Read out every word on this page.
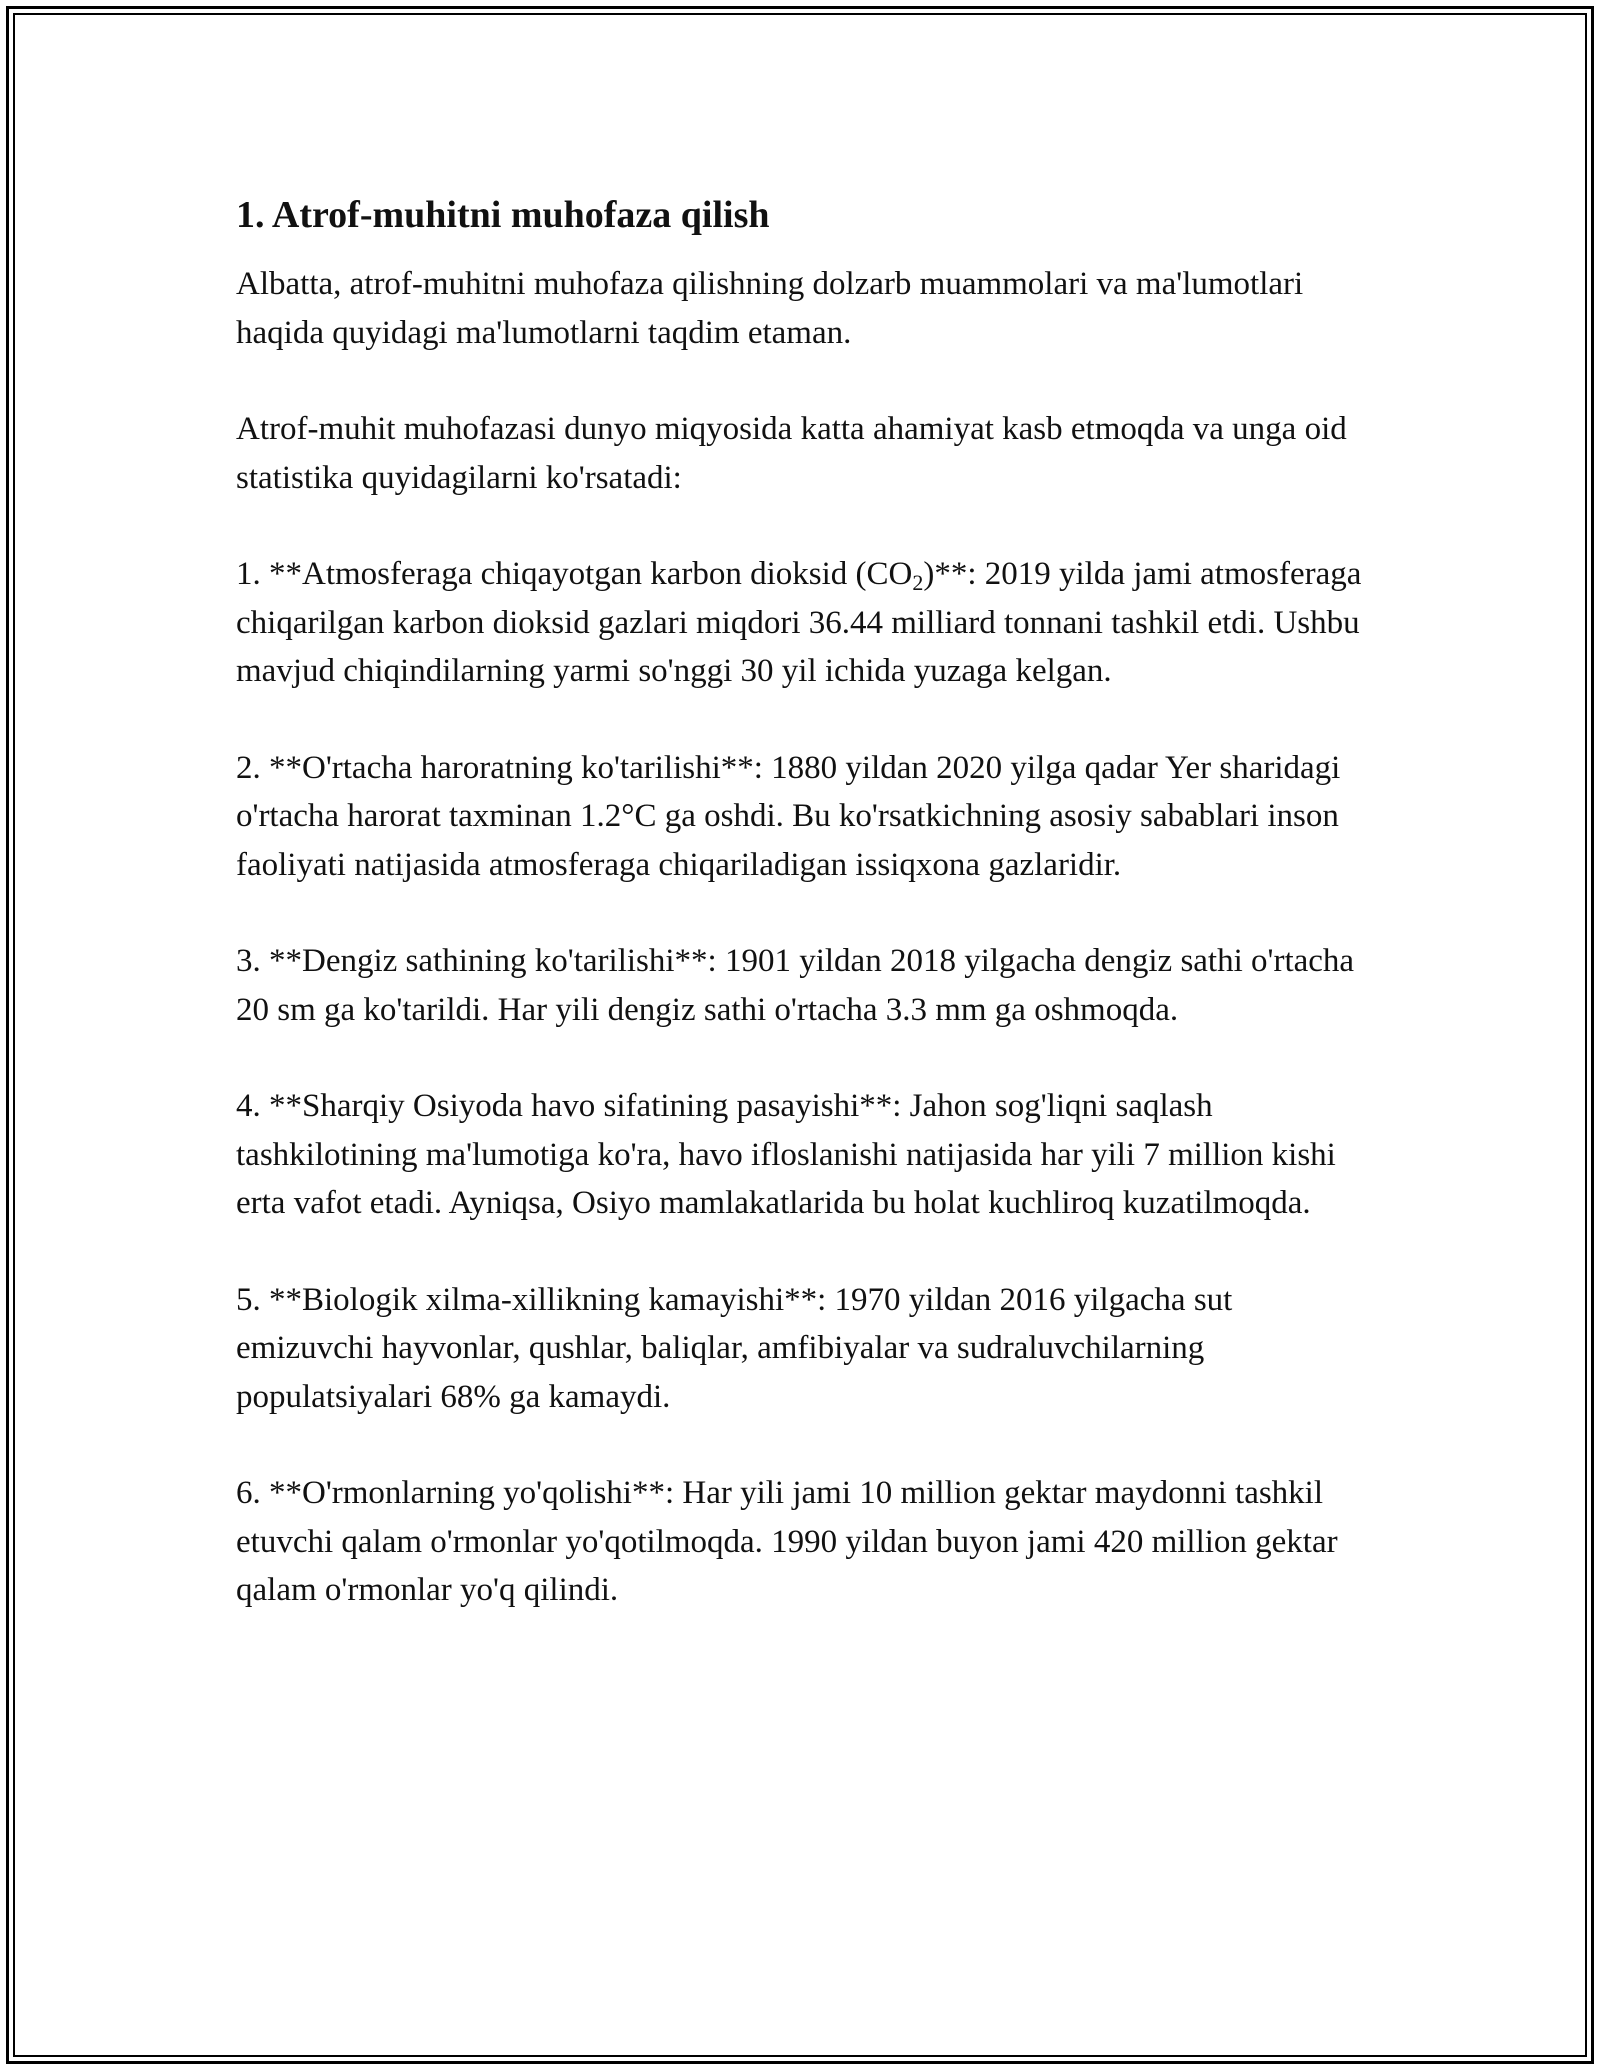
1. Atrof-muhitni muhofaza qilish

Albatta, atrof-muhitni muhofaza qilishning dolzarb muammolari va ma'lumotlari haqida quyidagi ma'lumotlarni taqdim etaman.

Atrof-muhit muhofazasi dunyo miqyosida katta ahamiyat kasb etmoqda va unga oid statistika quyidagilarni ko'rsatadi:

1. **Atmosferaga chiqayotgan karbon dioksid $(CO_2)**$: 2019 yilda jami atmosferaga chiqarilgan karbon dioksid gazlari miqdori 36.44 milliard tonnani tashkil etdi. Ushbu mavjud chiqindilarning yarmi so'nggi 30 yil ichida yuzaga kelgan.

2. **O'rtacha haroratning ko'tarilishi**: 1880 yildan 2020 yilga qadar Yer sharidagi o'rtacha harorat taxminan 1.2°C ga oshdi. Bu ko'rsatkichning asosiy sabablari inson faoliyati natijasida atmosferaga chiqariladigan issiqxona gazlaridir.

3. **Dengiz sathining ko'tarilishi**: 1901 yildan 2018 yilgacha dengiz sathi o'rtacha 20 sm ga ko'tarildi. Har yili dengiz sathi o'rtacha 3.3 mm ga oshmoqda.

4. **Sharqiy Osiyoda havo sifatining pasayishi**: Jahon sog'liqni saqlash tashkilotining ma'lumotiga ko'ra, havo ifloslanishi natijasida har yili 7 million kishi erta vafot etadi. Ayniqsa, Osiyo mamlakatlarida bu holat kuchliroq kuzatilmoqda.

5. **Biologik xilma-xillikning kamayishi**: 1970 yildan 2016 yilgacha sut emizuvchi hayvonlar, qushlar, baliqlar, amfibiyalar va sudraluvchilarning populatsiyalari 68% ga kamaydi.

6. **O'rmonlarning yo'qolishi**: Har yili jami 10 million gektar maydonni tashkil etuvchi qalam o'rmonlar yo'qotilmoqda. 1990 yildan buyon jami 420 million gektar qalam o'rmonlar yo'q qilindi.
